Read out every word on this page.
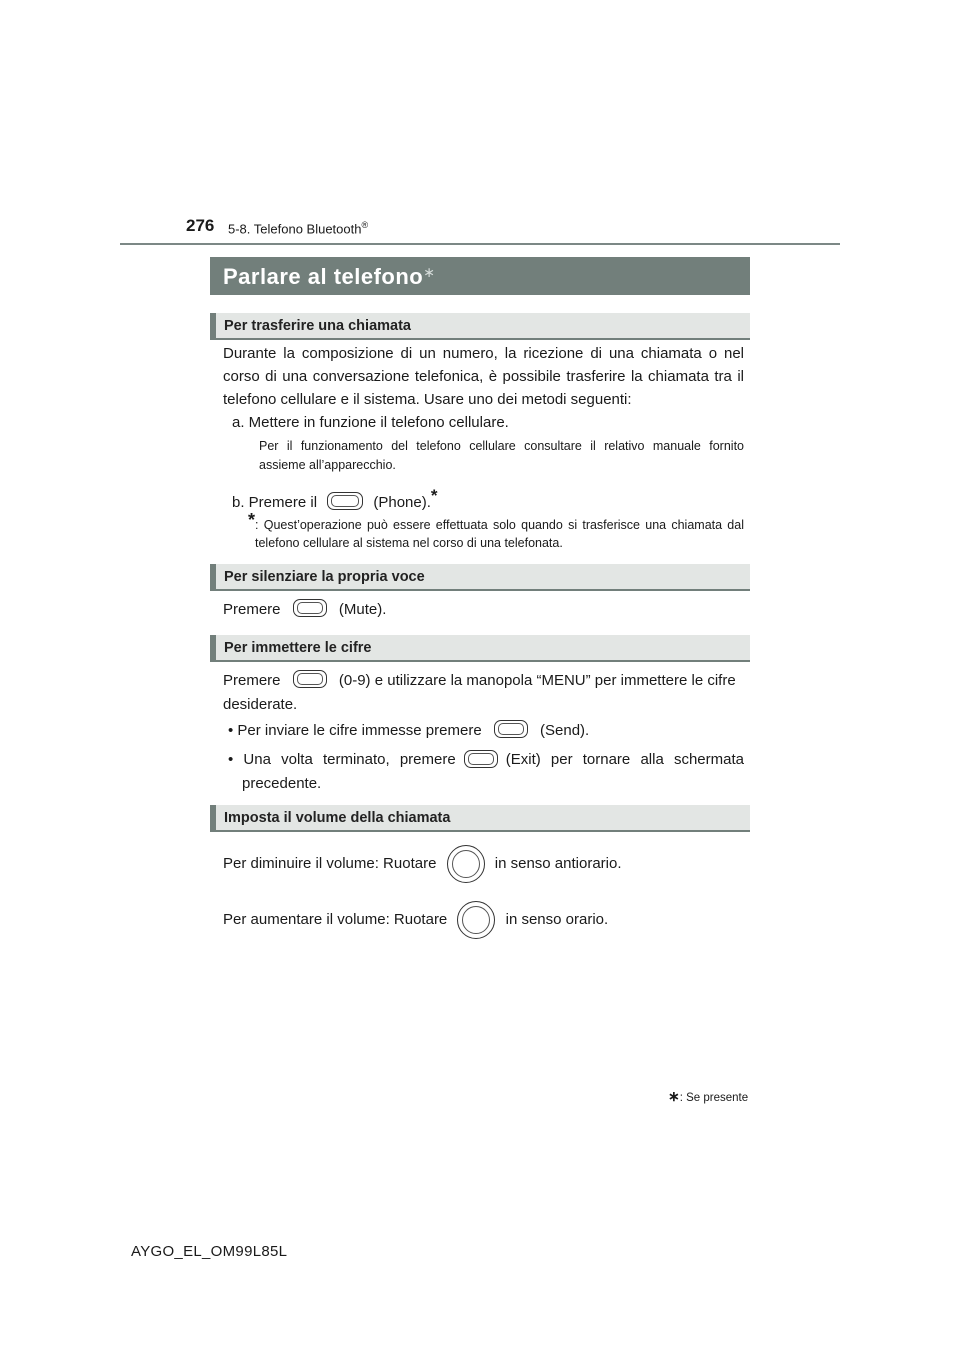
276 5-8. Telefono Bluetooth®
Parlare al telefono∗
Per trasferire una chiamata
Durante la composizione di un numero, la ricezione di una chiamata o nel corso di una conversazione telefonica, è possibile trasferire la chiamata tra il telefono cellulare e il sistema. Usare uno dei metodi seguenti:
a. Mettere in funzione il telefono cellulare.
Per il funzionamento del telefono cellulare consultare il relativo manuale fornito assieme all’apparecchio.
b. Premere il	(Phone).*
* : Quest’operazione può essere effettuata solo quando si trasferisce una chiamata dal telefono cellulare al sistema nel corso di una telefonata.
Per silenziare la propria voce
Premere	(Mute).
Per immettere le cifre
Premere	(0-9) e utilizzare la manopola “MENU” per immettere le cifre
desiderate.
• Per inviare le cifre immesse premere	(Send).
• Una volta terminato, premere	(Exit) per tornare alla schermata
precedente.
Imposta il volume della chiamata
Per diminuire il volume: Ruotare	in senso antiorario.
Per aumentare il volume: Ruotare	in senso orario.
∗: Se presente
AYGO_EL_OM99L85L
